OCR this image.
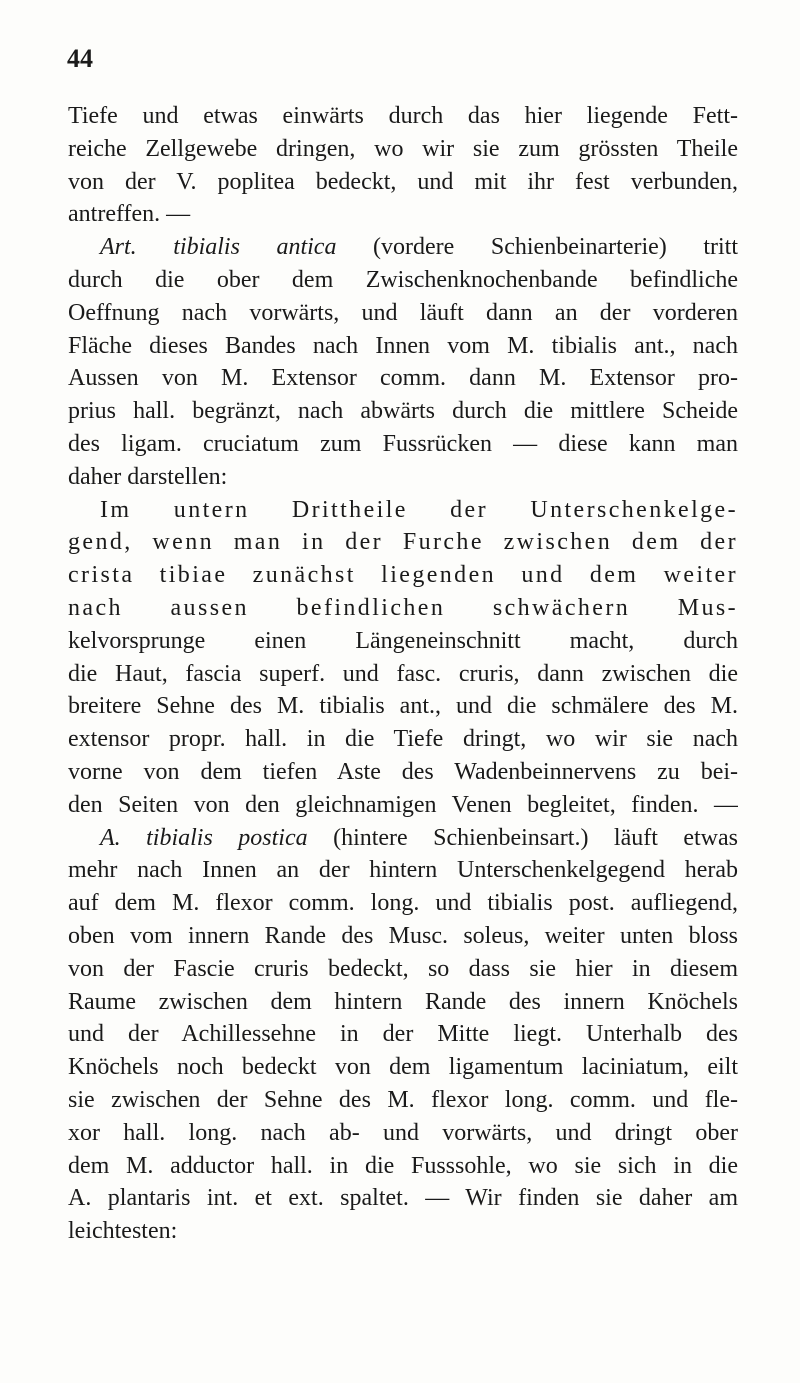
44
Tiefe und etwas einwärts durch das hier liegende Fett-
reiche Zellgewebe dringen, wo wir sie zum grössten Theile
von der V. poplitea bedeckt, und mit ihr fest verbunden,
antreffen. —
Art. tibialis antica (vordere Schienbeinarterie) tritt
durch die ober dem Zwischenknochenbande befindliche
Oeffnung nach vorwärts, und läuft dann an der vorderen
Fläche dieses Bandes nach Innen vom M. tibialis ant., nach
Aussen von M. Extensor comm. dann M. Extensor pro-
prius hall. begränzt, nach abwärts durch die mittlere Scheide
des ligam. cruciatum zum Fussrücken — diese kann man
daher darstellen:
Im untern Drittheile der Unterschenkelge-
gend, wenn man in der Furche zwischen dem der
crista tibiae zunächst liegenden und dem weiter
nach aussen befindlichen schwächern Mus-
kelvorsprunge einen Längeneinschnitt macht, durch
die Haut, fascia superf. und fasc. cruris, dann zwischen die
breitere Sehne des M. tibialis ant., und die schmälere des M.
extensor propr. hall. in die Tiefe dringt, wo wir sie nach
vorne von dem tiefen Aste des Wadenbeinnervens zu bei-
den Seiten von den gleichnamigen Venen begleitet, finden. —
A. tibialis postica (hintere Schienbeinsart.) läuft etwas
mehr nach Innen an der hintern Unterschenkelgegend herab
auf dem M. flexor comm. long. und tibialis post. aufliegend,
oben vom innern Rande des Musc. soleus, weiter unten bloss
von der Fascie cruris bedeckt, so dass sie hier in diesem
Raume zwischen dem hintern Rande des innern Knöchels
und der Achillessehne in der Mitte liegt. Unterhalb des
Knöchels noch bedeckt von dem ligamentum laciniatum, eilt
sie zwischen der Sehne des M. flexor long. comm. und fle-
xor hall. long. nach ab- und vorwärts, und dringt ober
dem M. adductor hall. in die Fusssohle, wo sie sich in die
A. plantaris int. et ext. spaltet. — Wir finden sie daher am
leichtesten:
